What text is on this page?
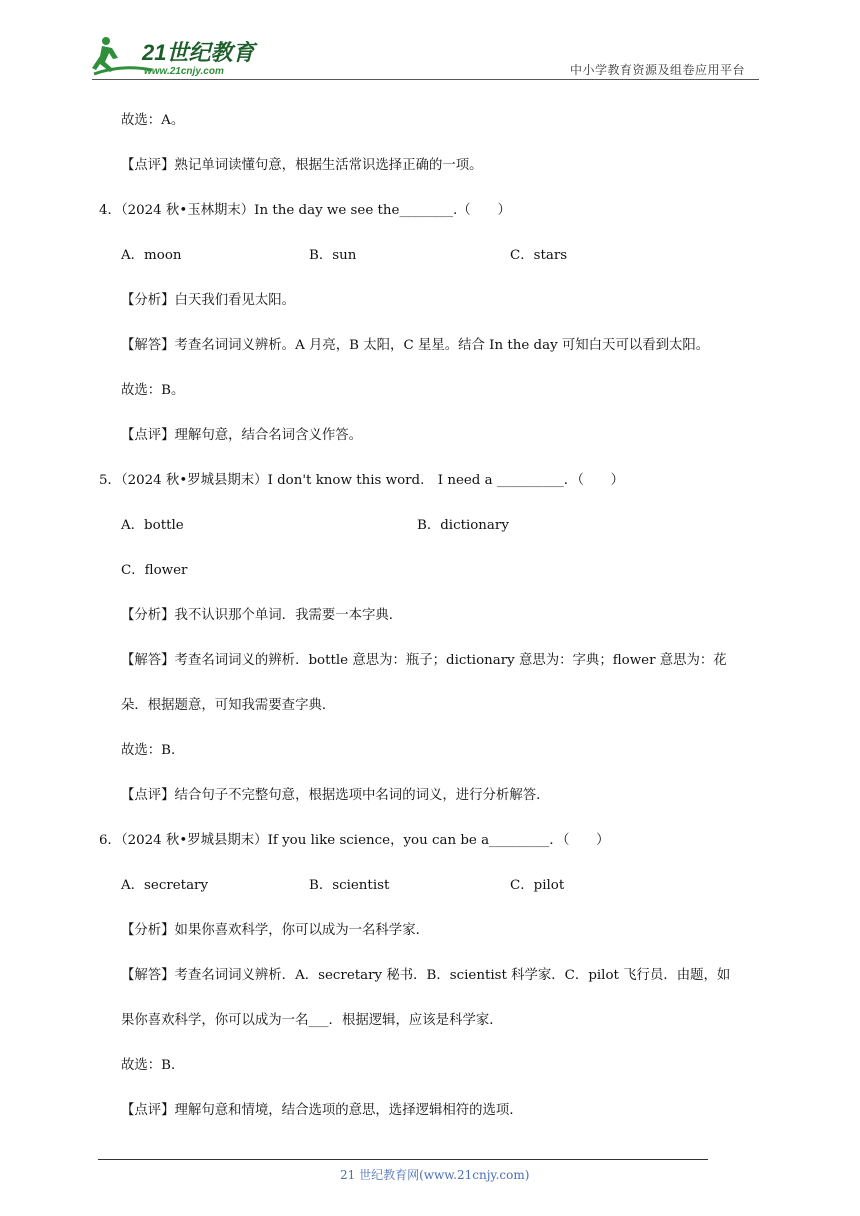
21世纪教育
www.21cnjy.com	中小学教育资源及组卷应用平台
故选：A。
【点评】熟记单词读懂句意，根据生活常识选择正确的一项。
4．（2024 秋•玉林期末）In the day we see the________.（　　）
A．moon	B．sun	C．stars
【分析】白天我们看见太阳。
【解答】考查名词词义辨析。A 月亮，B 太阳，C 星星。结合 In the day 可知白天可以看到太阳。
故选：B。
【点评】理解句意，结合名词含义作答。
5．（2024 秋•罗城县期末）I don't know this word.　I need a __________．（　　）
A．bottle	B．dictionary
C．flower
【分析】我不认识那个单词．我需要一本字典．
【解答】考查名词词义的辨析．bottle 意思为：瓶子；dictionary 意思为：字典；flower 意思为：花
朵．根据题意，可知我需要查字典．
故选：B．
【点评】结合句子不完整句意，根据选项中名词的词义，进行分析解答．
6．（2024 秋•罗城县期末）If you like science，you can be a_________．（　　）
A．secretary	B．scientist	C．pilot
【分析】如果你喜欢科学，你可以成为一名科学家．
【解答】考查名词词义辨析．A．secretary 秘书．B．scientist 科学家．C．pilot 飞行员．由题，如
果你喜欢科学，你可以成为一名___．根据逻辑，应该是科学家．
故选：B．
【点评】理解句意和情境，结合选项的意思，选择逻辑相符的选项．
21 世纪教育网(www.21cnjy.com)
